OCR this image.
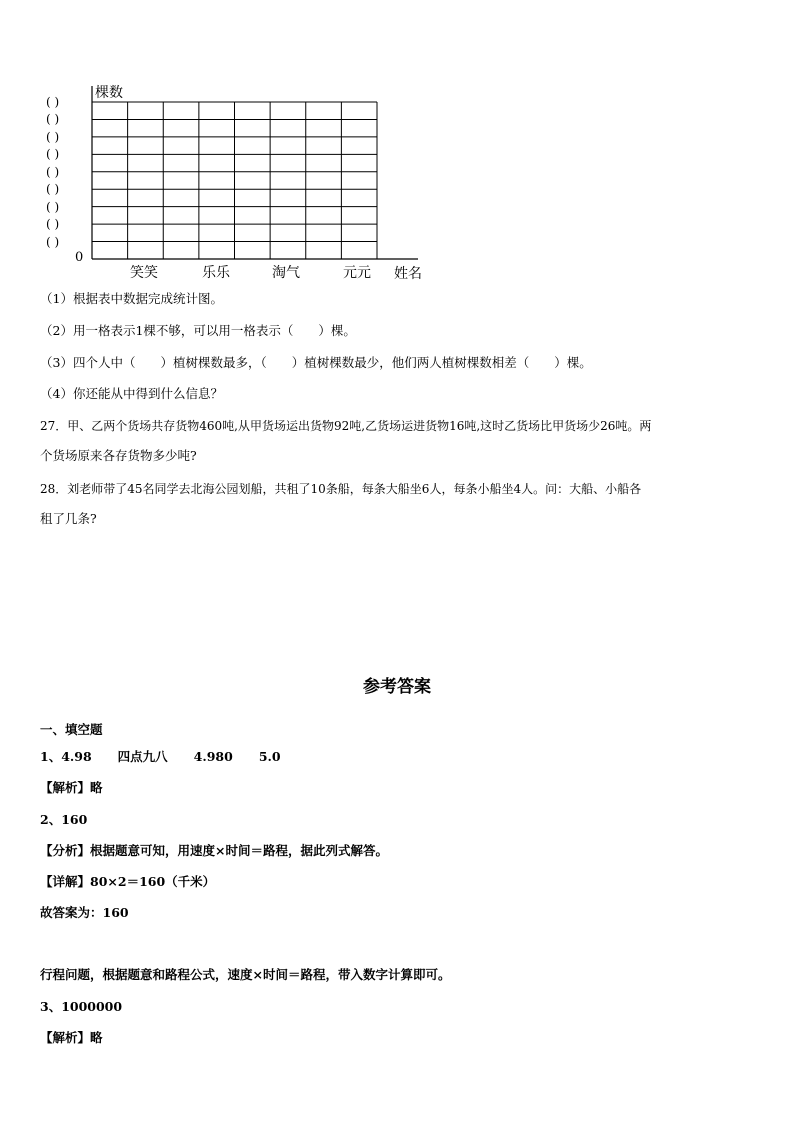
棵数
0
姓名
( )
( )
( )
( )
( )
( )
( )
( )
( )
笑笑	乐乐	淘气	元元
（1）根据表中数据完成统计图。
（2）用一格表示1棵不够，可以用一格表示（　　）棵。
（3）四个人中（　　）植树棵数最多，（　　）植树棵数最少，他们两人植树棵数相差（　　）棵。
（4）你还能从中得到什么信息？
27．甲、乙两个货场共存货物460吨,从甲货场运出货物92吨,乙货场运进货物16吨,这时乙货场比甲货场少26吨。两
个货场原来各存货物多少吨?
28．刘老师带了45名同学去北海公园划船，共租了10条船，每条大船坐6人，每条小船坐4人。问：大船、小船各
租了几条?
参考答案
一、填空题
1、4.98 四点九八 4.980 5.0
【解析】略
2、160
【分析】根据题意可知，用速度×时间＝路程，据此列式解答。
【详解】80×2＝160（千米）
故答案为：160
行程问题，根据题意和路程公式，速度×时间＝路程，带入数字计算即可。
3、1000000
【解析】略
